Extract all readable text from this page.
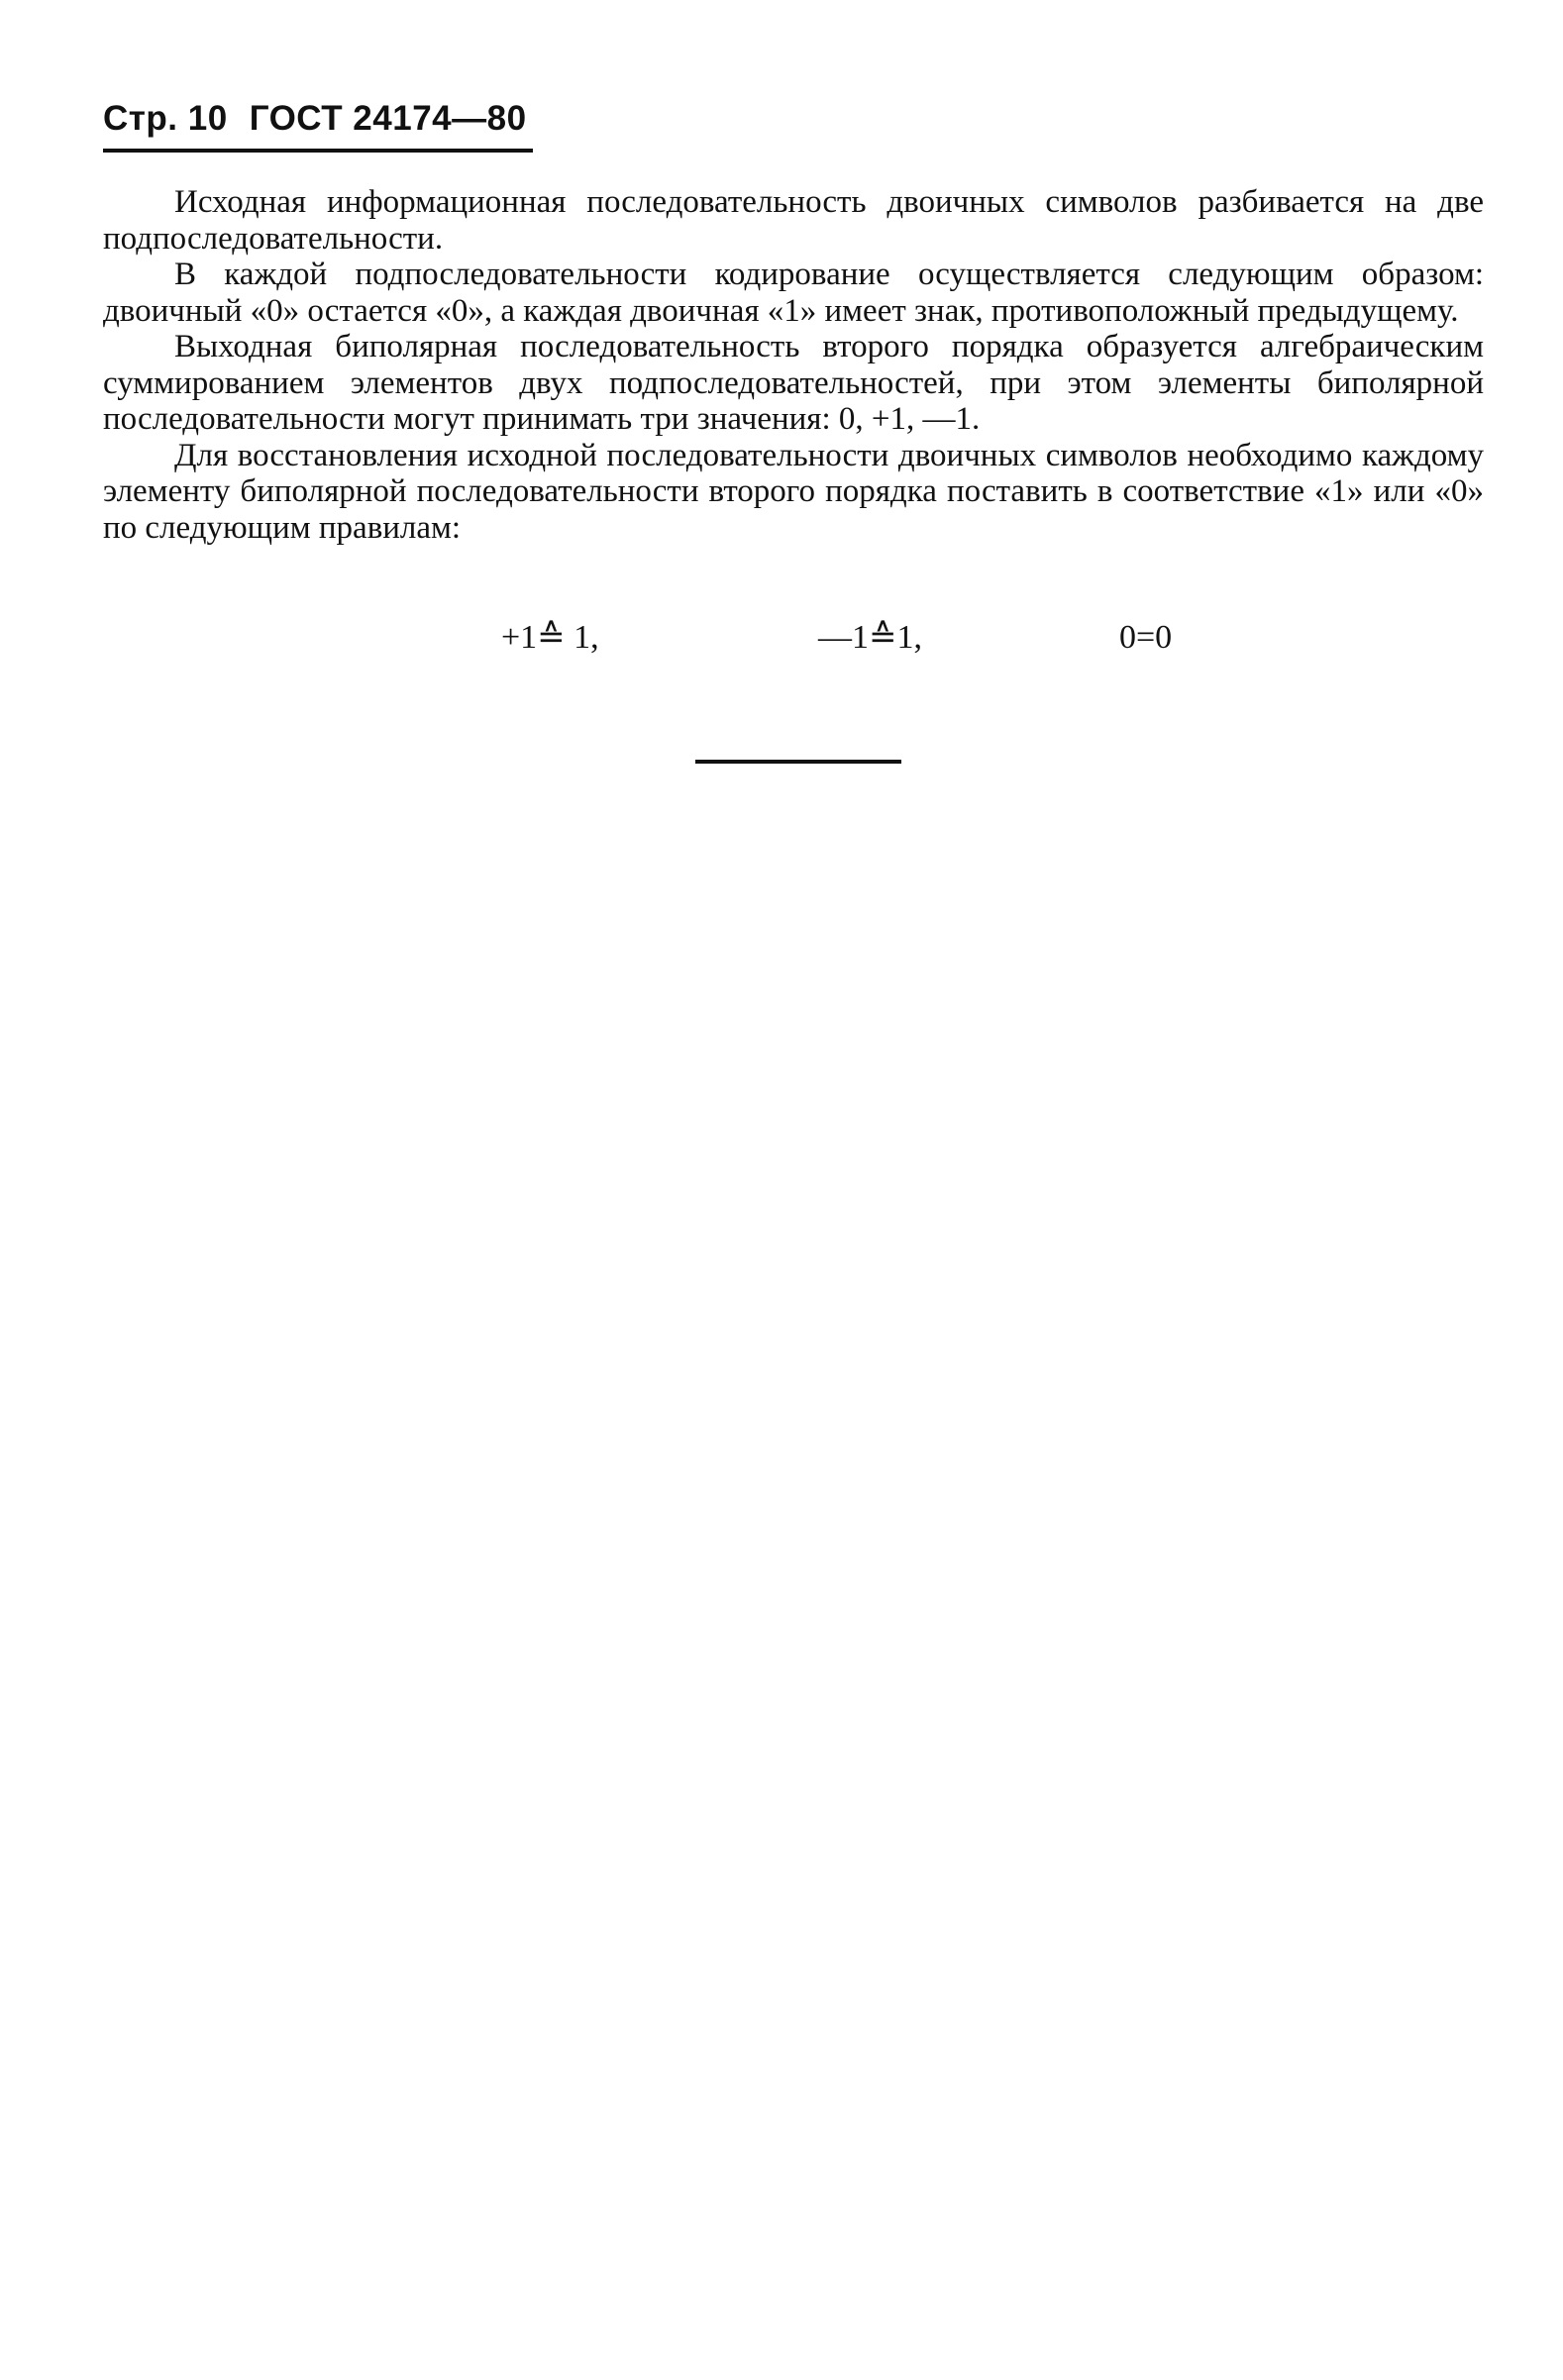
Стр. 10 ГОСТ 24174—80

Исходная информационная последовательность двоичных символов разбивается на две подпоследовательности.

В каждой подпоследовательности кодирование осуществляется следующим образом: двоичный «0» остается «0», а каждая двоичная «1» имеет знак, противоположный предыдущему.

Выходная биполярная последовательность второго порядка образуется алгебраическим суммированием элементов двух подпоследовательностей, при этом элементы биполярной последовательности могут принимать три значения: 0, +1, —1.

Для восстановления исходной последовательности двоичных символов необходимо каждому элементу биполярной последовательности второго порядка поставить в соответствие «1» или «0» по следующим правилам:

+1≙ 1,	—1≙1,	0=0
